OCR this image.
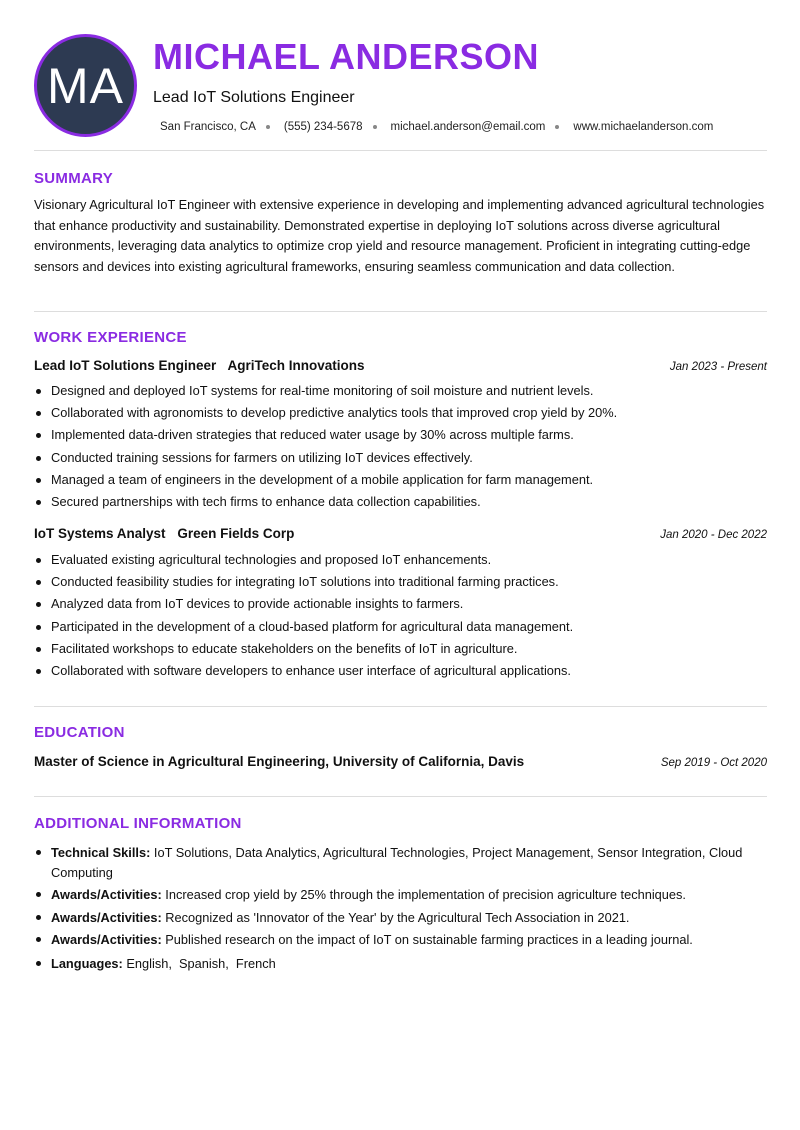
MA
MICHAEL ANDERSON
Lead IoT Solutions Engineer
San Francisco, CA (555) 234-5678 michael.anderson@email.com www.michaelanderson.com
SUMMARY
Visionary Agricultural IoT Engineer with extensive experience in developing and implementing advanced agricultural technologies that enhance productivity and sustainability. Demonstrated expertise in deploying IoT solutions across diverse agricultural environments, leveraging data analytics to optimize crop yield and resource management. Proficient in integrating cutting-edge sensors and devices into existing agricultural frameworks, ensuring seamless communication and data collection.
WORK EXPERIENCE
Lead IoT Solutions Engineer AgriTech Innovations	Jan 2023 - Present
Designed and deployed IoT systems for real-time monitoring of soil moisture and nutrient levels.
Collaborated with agronomists to develop predictive analytics tools that improved crop yield by 20%.
Implemented data-driven strategies that reduced water usage by 30% across multiple farms.
Conducted training sessions for farmers on utilizing IoT devices effectively.
Managed a team of engineers in the development of a mobile application for farm management.
Secured partnerships with tech firms to enhance data collection capabilities.
IoT Systems Analyst Green Fields Corp	Jan 2020 - Dec 2022
Evaluated existing agricultural technologies and proposed IoT enhancements.
Conducted feasibility studies for integrating IoT solutions into traditional farming practices.
Analyzed data from IoT devices to provide actionable insights to farmers.
Participated in the development of a cloud-based platform for agricultural data management.
Facilitated workshops to educate stakeholders on the benefits of IoT in agriculture.
Collaborated with software developers to enhance user interface of agricultural applications.
EDUCATION
Master of Science in Agricultural Engineering, University of California, Davis	Sep 2019 - Oct 2020
ADDITIONAL INFORMATION
Technical Skills: IoT Solutions, Data Analytics, Agricultural Technologies, Project Management, Sensor Integration, Cloud Computing
Awards/Activities: Increased crop yield by 25% through the implementation of precision agriculture techniques.
Awards/Activities: Recognized as 'Innovator of the Year' by the Agricultural Tech Association in 2021.
Awards/Activities: Published research on the impact of IoT on sustainable farming practices in a leading journal.
Languages: English,  Spanish,  French
